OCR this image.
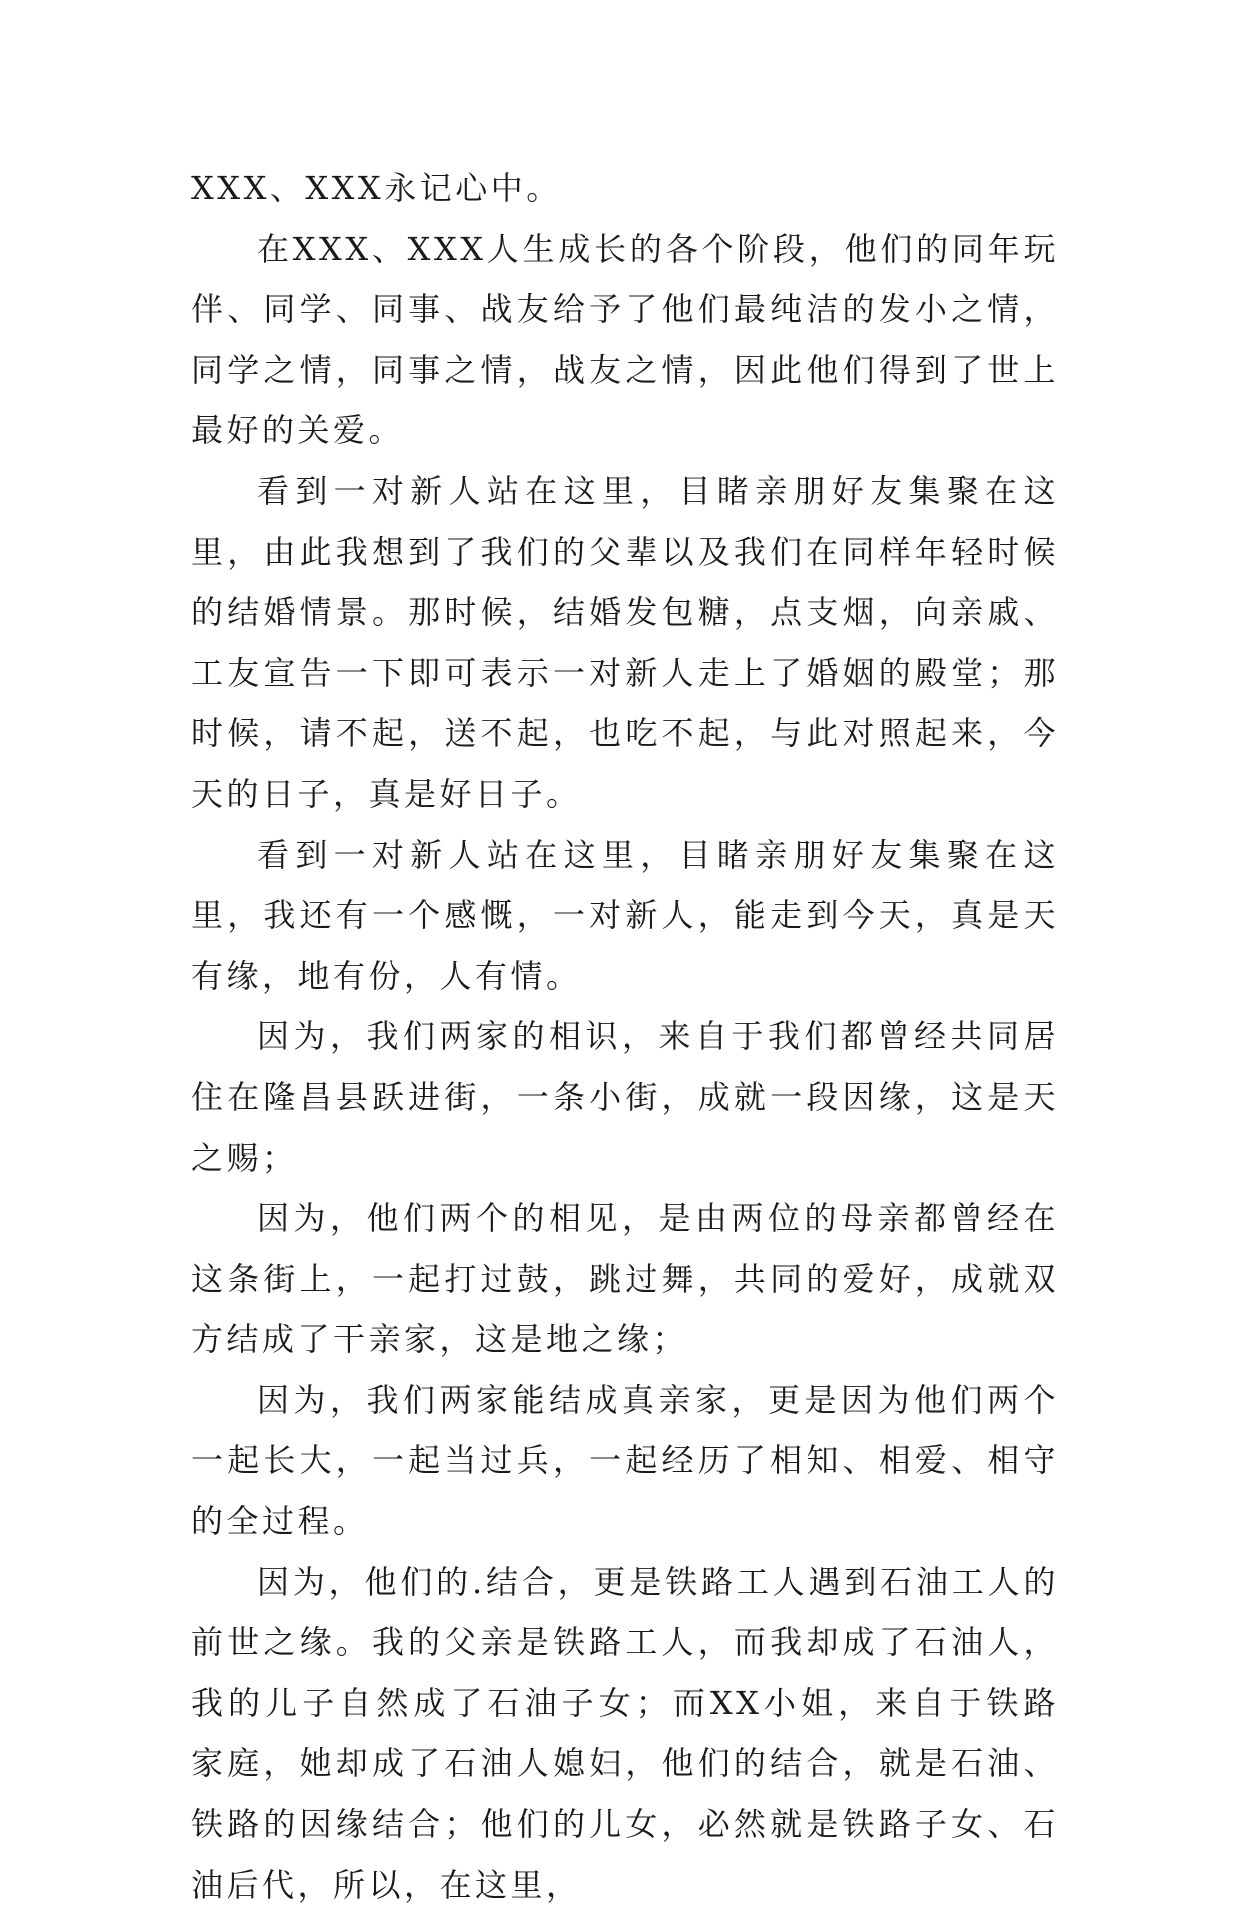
XXX、XXX永记心中。

在XXX、XXX人生成长的各个阶段，他们的同年玩伴、同学、同事、战友给予了他们最纯洁的发小之情，同学之情，同事之情，战友之情，因此他们得到了世上最好的关爱。

看到一对新人站在这里，目睹亲朋好友集聚在这里，由此我想到了我们的父辈以及我们在同样年轻时候的结婚情景。那时候，结婚发包糖，点支烟，向亲戚、工友宣告一下即可表示一对新人走上了婚姻的殿堂；那时候，请不起，送不起，也吃不起，与此对照起来，今天的日子，真是好日子。

看到一对新人站在这里，目睹亲朋好友集聚在这里，我还有一个感慨，一对新人，能走到今天，真是天有缘，地有份，人有情。

因为，我们两家的相识，来自于我们都曾经共同居住在隆昌县跃进街，一条小街，成就一段因缘，这是天之赐；

因为，他们两个的相见，是由两位的母亲都曾经在这条街上，一起打过鼓，跳过舞，共同的爱好，成就双方结成了干亲家，这是地之缘；

因为，我们两家能结成真亲家，更是因为他们两个一起长大，一起当过兵，一起经历了相知、相爱、相守的全过程。

因为，他们的.结合，更是铁路工人遇到石油工人的前世之缘。我的父亲是铁路工人，而我却成了石油人，我的儿子自然成了石油子女；而XX小姐，来自于铁路家庭，她却成了石油人媳妇，他们的结合，就是石油、铁路的因缘结合；他们的儿女，必然就是铁路子女、石油后代，所以，在这里，
